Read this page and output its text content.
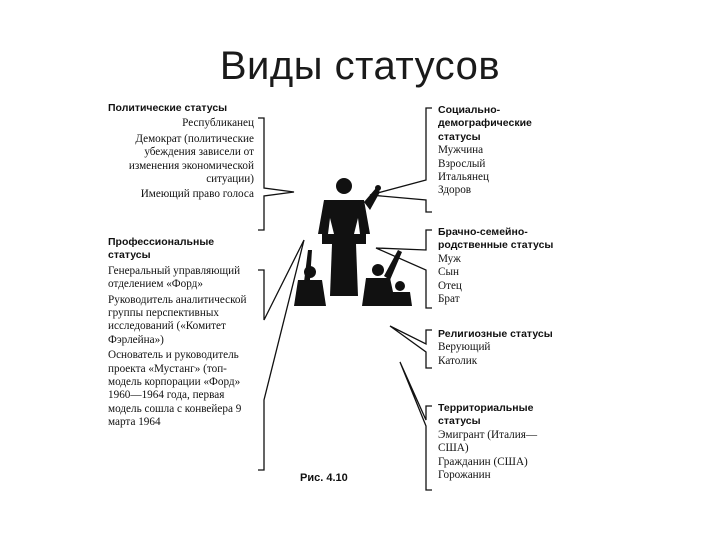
Виды статусов
Политические статусы
Республиканец
Демократ (политические убеждения зависели от изменения экономической ситуации)
Имеющий право голоса
Профессиональные статусы
Генеральный управляющий отделением «Форд»
Руководитель аналитической группы перспективных исследований («Комитет Фэрлейна»)
Основатель и руководитель проекта «Мустанг» (топ-модель корпорации «Форд» 1960—1964 года, первая модель сошла с конвейера 9 марта 1964
Социально-демографические статусы
Мужчина
Взрослый
Итальянец
Здоров
Брачно-семейно-родственные статусы
Муж
Сын
Отец
Брат
Религиозные статусы
Верующий
Католик
Территориальные статусы
Эмигрант (Италия—США)
Гражданин (США)
Горожанин
Рис. 4.10
